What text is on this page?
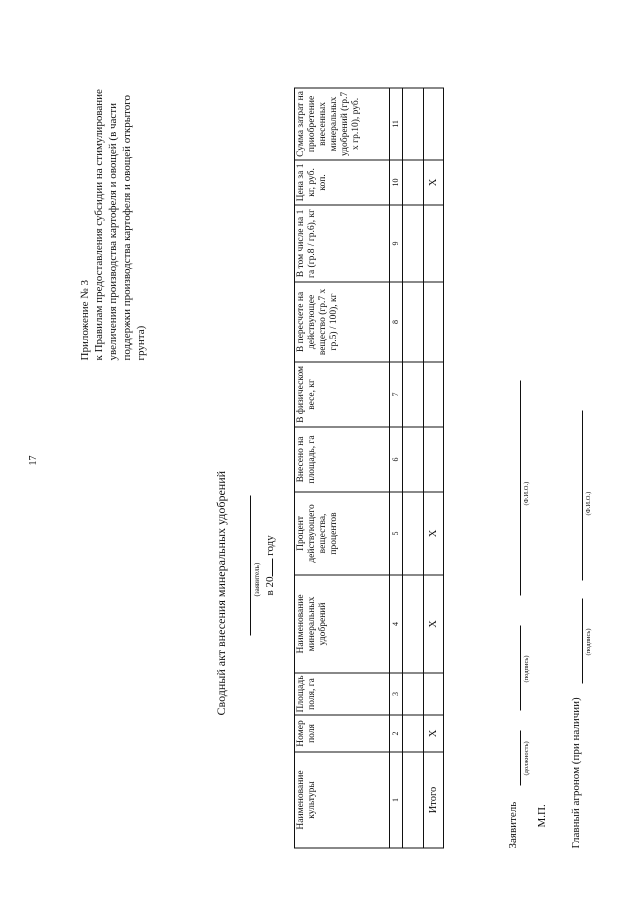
17
Приложение № 3 к Правилам предоставления субсидии на стимулирование увеличения производства картофеля и овощей (в части поддержки производства картофеля и овощей открытого грунта)
Сводный акт внесения минеральных удобрений	(заявитель) в 20 году
Наименование культуры	Номер поля	Площадь поля, га	Наименование минеральных удобрений	Процент действующего вещества, процентов	Внесено на площадь, га	В физическом весе, кг	В пересчете на действующее вещество (гр.7 х гр.5) / 100), кг	В том числе на 1 га (гр.8 / гр.6), кг	Цена за 1 кг, руб. коп.	Сумма затрат на приобретение внесенных минеральных удобрений (гр.7 х гр.10), руб.
1	2	3	4	5	6	7	8	9	10	11

Итого	X		X	X					X	
Заявитель
(должность)
(подпись)
(Ф.И.О.)
М.П. Главный агроном (при наличии)
(подпись)
(Ф.И.О.)
